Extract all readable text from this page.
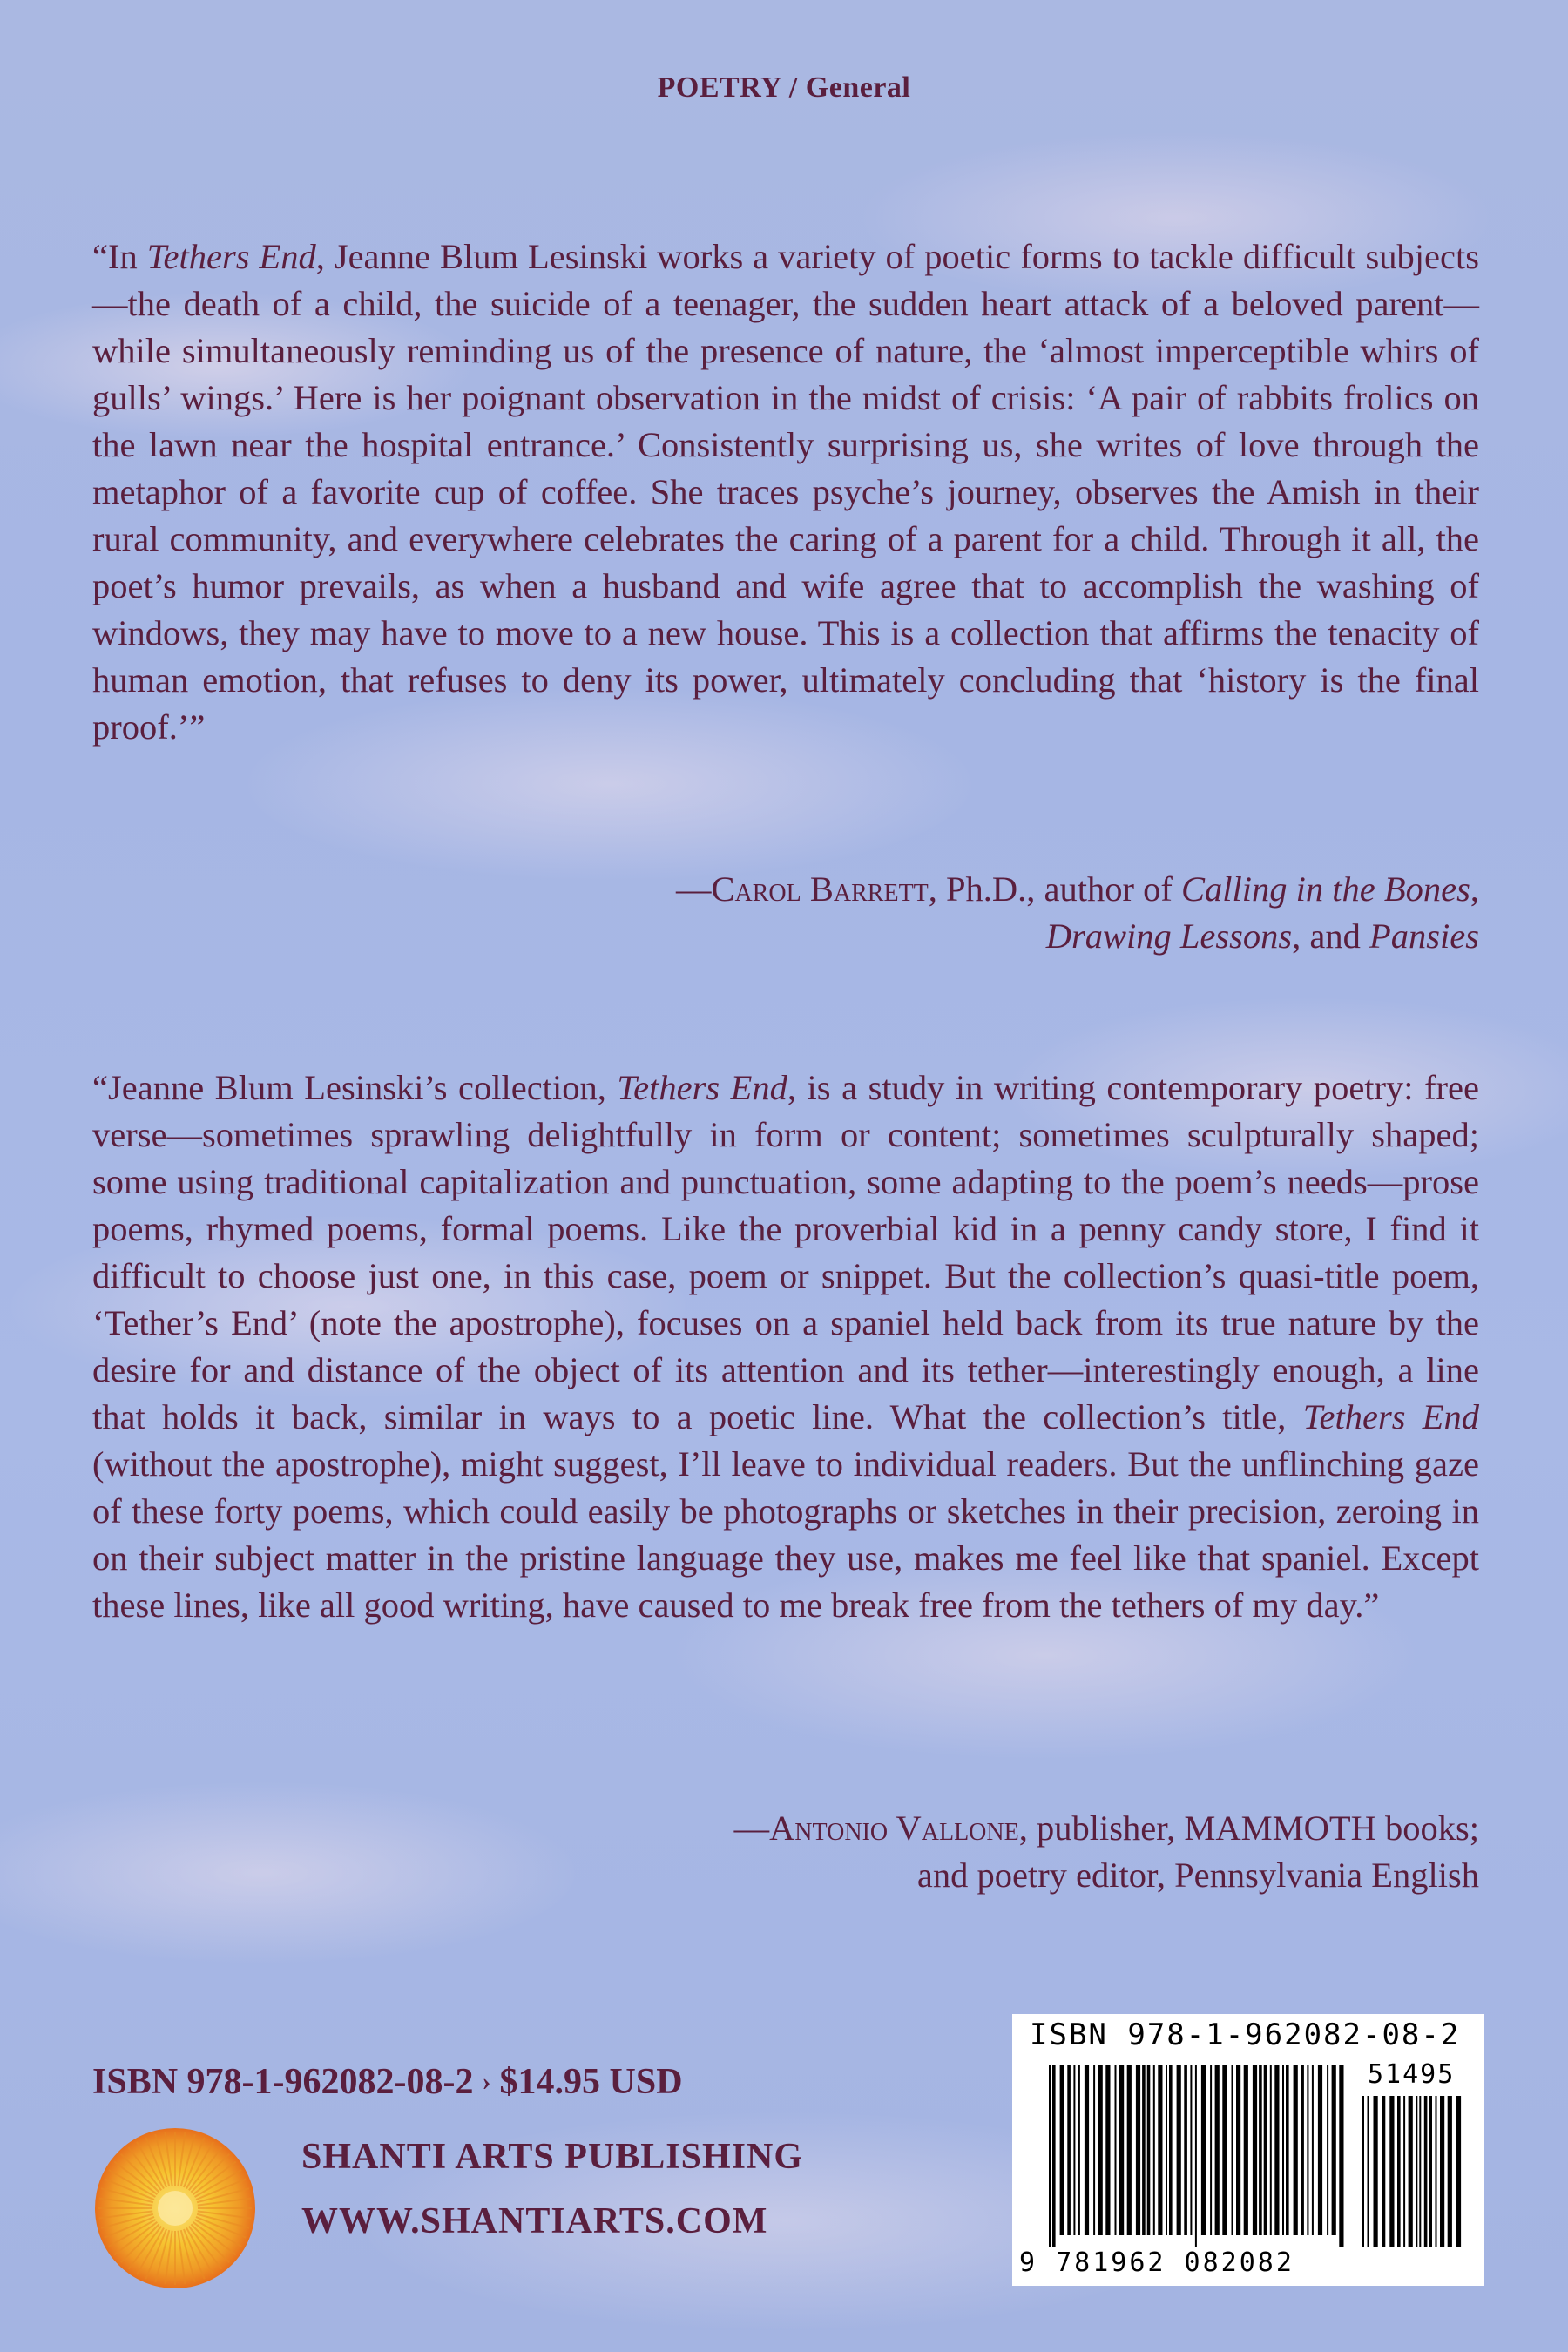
POETRY / General
“In Tethers End, Jeanne Blum Lesinski works a variety of poetic forms to tackle difficult subjects—the death of a child, the suicide of a teenager, the sudden heart attack of a beloved parent—while simultaneously reminding us of the presence of nature, the ‘almost imperceptible whirs of gulls’ wings.’ Here is her poignant observation in the midst of crisis: ‘A pair of rabbits frolics on the lawn near the hospital entrance.’ Consistently surprising us, she writes of love through the metaphor of a favorite cup of coffee. She traces psyche’s journey, observes the Amish in their rural community, and everywhere celebrates the caring of a parent for a child. Through it all, the poet’s humor prevails, as when a husband and wife agree that to accomplish the washing of windows, they may have to move to a new house. This is a collection that affirms the tenacity of human emotion, that refuses to deny its power, ultimately concluding that ‘history is the final proof.’”
—Carol Barrett, Ph.D., author of Calling in the Bones,
Drawing Lessons, and Pansies
“Jeanne Blum Lesinski’s collection, Tethers End, is a study in writing contemporary poetry: free verse—sometimes sprawling delightfully in form or content; sometimes sculpturally shaped; some using traditional capitalization and punctuation, some adapting to the poem’s needs—prose poems, rhymed poems, formal poems. Like the proverbial kid in a penny candy store, I find it difficult to choose just one, in this case, poem or snippet. But the collection’s quasi-title poem, ‘Tether’s End’ (note the apostrophe), focuses on a spaniel held back from its true nature by the desire for and distance of the object of its attention and its tether—interestingly enough, a line that holds it back, similar in ways to a poetic line. What the collection’s title, Tethers End (without the apostrophe), might suggest, I’ll leave to individual readers. But the unflinching gaze of these forty poems, which could easily be photographs or sketches in their precision, zeroing in on their subject matter in the pristine language they use, makes me feel like that spaniel. Except these lines, like all good writing, have caused to me break free from the tethers of my day.”
—Antonio Vallone, publisher, MAMMOTH books;
and poetry editor, Pennsylvania English
ISBN 978-1-962082-08-2 › $14.95 USD
SHANTI ARTS PUBLISHING
WWW.SHANTIARTS.COM
ISBN 978-1-962082-08-2
51495
9 781962 082082
